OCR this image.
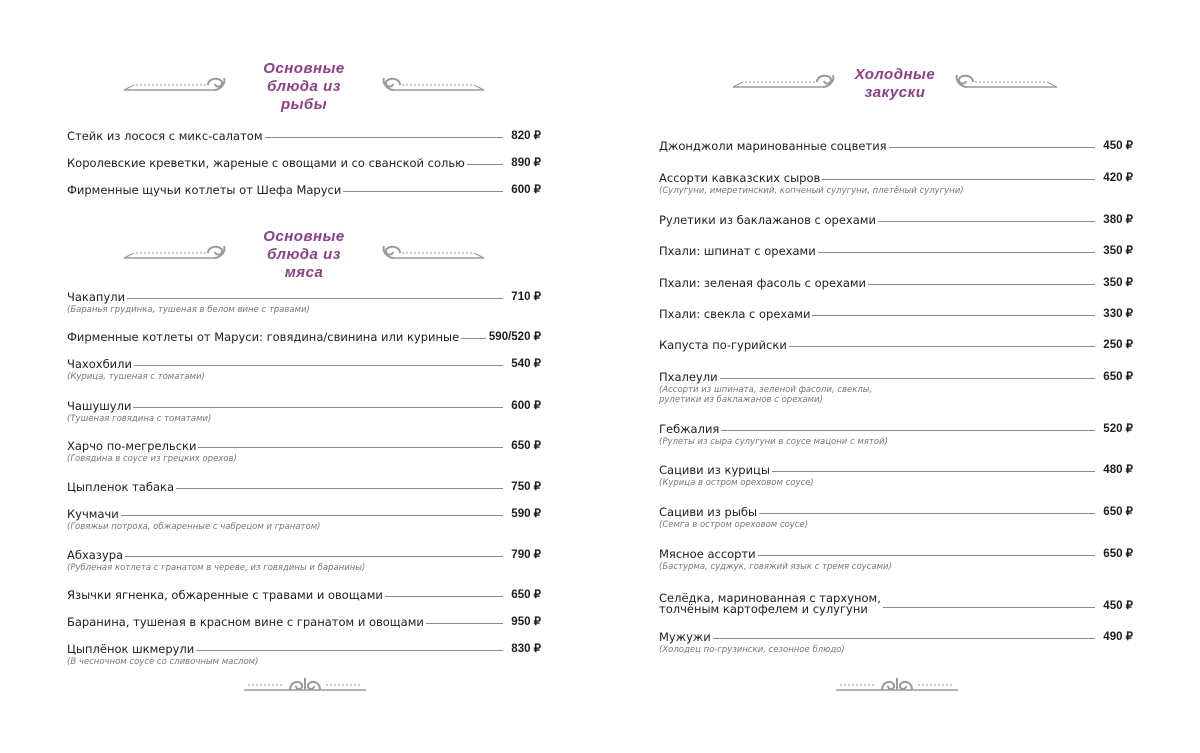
Основные
блюда из рыбы
Стейк из лосося с микс-салатом	820 ₽
Королевские креветки, жареные с овощами и со сванской солью	890 ₽
Фирменные щучьи котлеты от Шефа Маруси	600 ₽
Основные
блюда из мяса
Чакапули	710 ₽
(Баранья грудинка, тушеная в белом вине с травами)
Фирменные котлеты от Маруси: говядина/свинина или куриные	590/520 ₽
Чахохбили	540 ₽
(Курица, тушеная с томатами)
Чашушули	600 ₽
(Тушеная говядина с томатами)
Харчо по-мегрельски	650 ₽
(Говядина в соусе из грецких орехов)
Цыпленок табака	750 ₽
Кучмачи	590 ₽
(Говяжьи потроха, обжаренные с чабрецом и гранатом)
Абхазура	790 ₽
(Рубленая котлета с гранатом в череве, из говядины и баранины)
Язычки ягненка, обжаренные с травами и овощами	650 ₽
Баранина, тушеная в красном вине с гранатом и овощами	950 ₽
Цыплёнок шкмерули	830 ₽
(В чесночном соусе со сливочным маслом)
Холодные
закуски
Джонджоли маринованные соцветия	450 ₽
Ассорти кавказских сыров	420 ₽
(Сулугуни, имеретинский, копченый сулугуни, плетёный сулугуни)
Рулетики из баклажанов с орехами	380 ₽
Пхали: шпинат с орехами	350 ₽
Пхали: зеленая фасоль с орехами	350 ₽
Пхали: свекла с орехами	330 ₽
Капуста по-гурийски	250 ₽
Пхалеули	650 ₽
(Ассорти из шпината, зеленой фасоли, свеклы,
рулетики из баклажанов с орехами)
Гебжалия	520 ₽
(Рулеты из сыра сулугуни в соусе мацони с мятой)
Сациви из курицы	480 ₽
(Курица в остром ореховом соусе)
Сациви из рыбы	650 ₽
(Семга в остром ореховом соусе)
Мясное ассорти	650 ₽
(Бастурма, суджук, говяжий язык с тремя соусами)
Селёдка, маринованная с тархуном,
толчёным картофелем и сулугуни	450 ₽
Мужужи	490 ₽
(Холодец по-грузински, сезонное блюдо)
